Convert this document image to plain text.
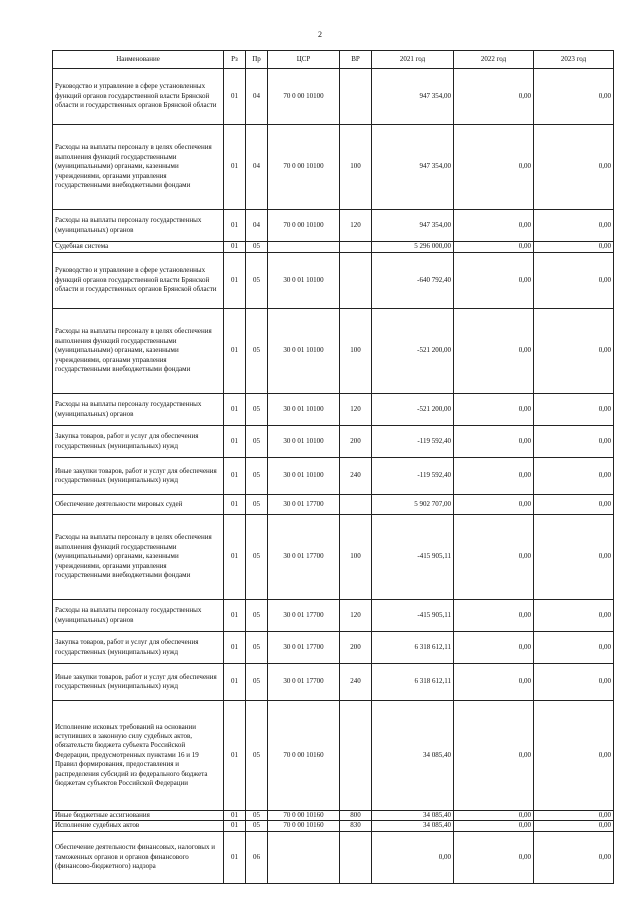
2
Наименование	Рз	Пр	ЦСР	ВР	2021 год	2022 год	2023 год
Руководство и управление в сфере установленных функций органов государственной власти Брянской области и государственных органов Брянской области	01	04	70 0 00 10100		947 354,00	0,00	0,00
Расходы на выплаты персоналу в целях обеспечения выполнения функций государственными (муниципальными) органами, казенными учреждениями, органами управления государственными внебюджетными фондами	01	04	70 0 00 10100	100	947 354,00	0,00	0,00
Расходы на выплаты персоналу государственных (муниципальных) органов	01	04	70 0 00 10100	120	947 354,00	0,00	0,00
Судебная система	01	05			5 296 000,00	0,00	0,00
Руководство и управление в сфере установленных функций органов государственной власти Брянской области и государственных органов Брянской области	01	05	30 0 01 10100		-640 792,40	0,00	0,00
Расходы на выплаты персоналу в целях обеспечения выполнения функций государственными (муниципальными) органами, казенными учреждениями, органами управления государственными внебюджетными фондами	01	05	30 0 01 10100	100	-521 200,00	0,00	0,00
Расходы на выплаты персоналу государственных (муниципальных) органов	01	05	30 0 01 10100	120	-521 200,00	0,00	0,00
Закупка товаров, работ и услуг для обеспечения государственных (муниципальных) нужд	01	05	30 0 01 10100	200	-119 592,40	0,00	0,00
Иные закупки товаров, работ и услуг для обеспечения государственных (муниципальных) нужд	01	05	30 0 01 10100	240	-119 592,40	0,00	0,00
Обеспечение деятельности мировых судей	01	05	30 0 01 17700		5 902 707,00	0,00	0,00
Расходы на выплаты персоналу в целях обеспечения выполнения функций государственными (муниципальными) органами, казенными учреждениями, органами управления государственными внебюджетными фондами	01	05	30 0 01 17700	100	-415 905,11	0,00	0,00
Расходы на выплаты персоналу государственных (муниципальных) органов	01	05	30 0 01 17700	120	-415 905,11	0,00	0,00
Закупка товаров, работ и услуг для обеспечения государственных (муниципальных) нужд	01	05	30 0 01 17700	200	6 318 612,11	0,00	0,00
Иные закупки товаров, работ и услуг для обеспечения государственных (муниципальных) нужд	01	05	30 0 01 17700	240	6 318 612,11	0,00	0,00
Исполнение исковых требований на основании вступивших в законную силу судебных актов, обязательств бюджета субъекта Российской Федерации, предусмотренных пунктами 16 и 19 Правил формирования, предоставления и распределения субсидий из федерального бюджета бюджетам субъектов Российской Федерации	01	05	70 0 00 10160		34 085,40	0,00	0,00
Иные бюджетные ассигнования	01	05	70 0 00 10160	800	34 085,40	0,00	0,00
Исполнение судебных актов	01	05	70 0 00 10160	830	34 085,40	0,00	0,00
Обеспечение деятельности финансовых, налоговых и таможенных органов и органов финансового (финансово-бюджетного) надзора	01	06			0,00	0,00	0,00
